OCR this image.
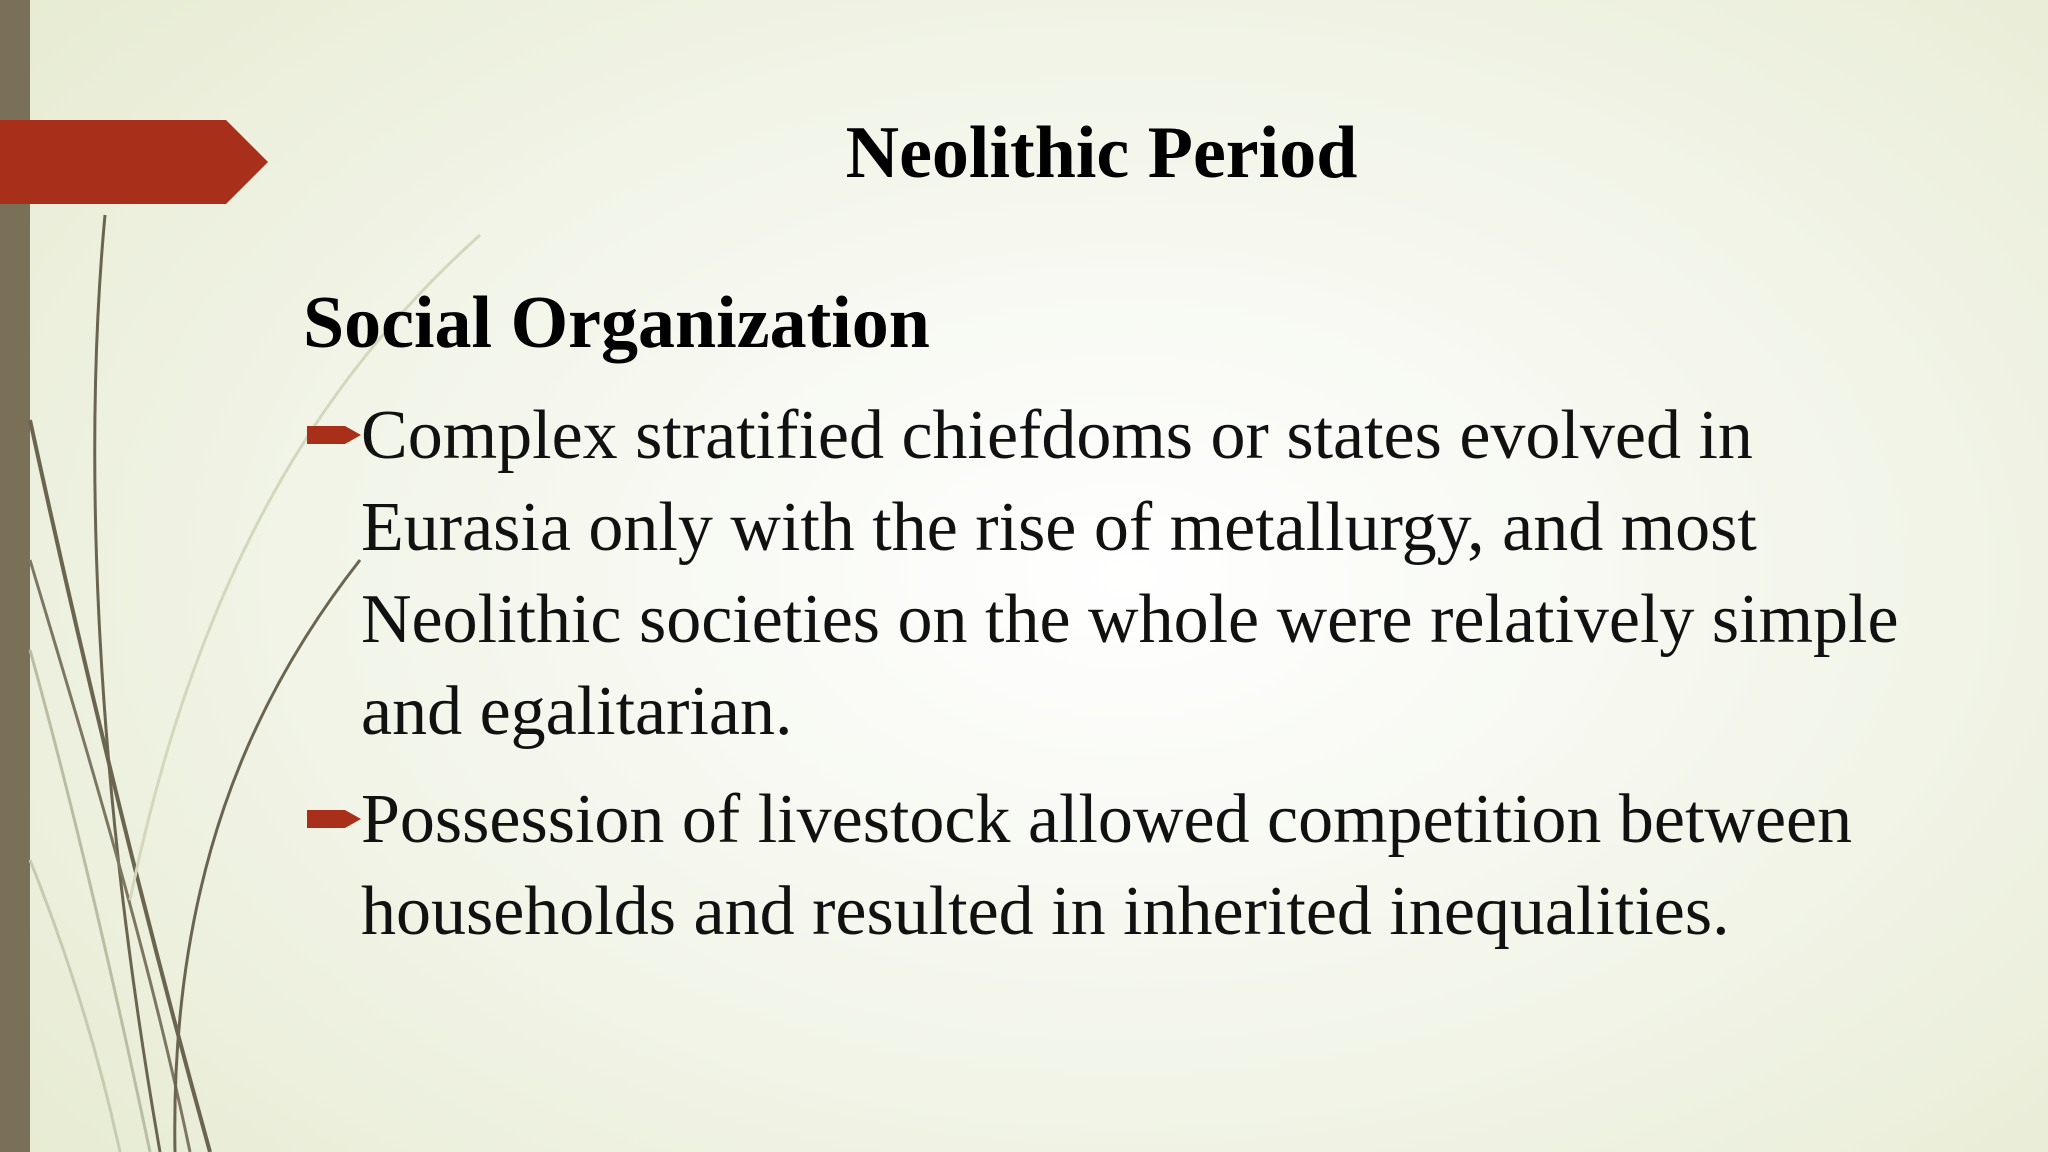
Neolithic Period
Social Organization
Complex stratified chiefdoms or states evolved in Eurasia only with the rise of metallurgy, and most Neolithic societies on the whole were relatively simple and egalitarian.
Possession of livestock allowed competition between households and resulted in inherited inequalities.
